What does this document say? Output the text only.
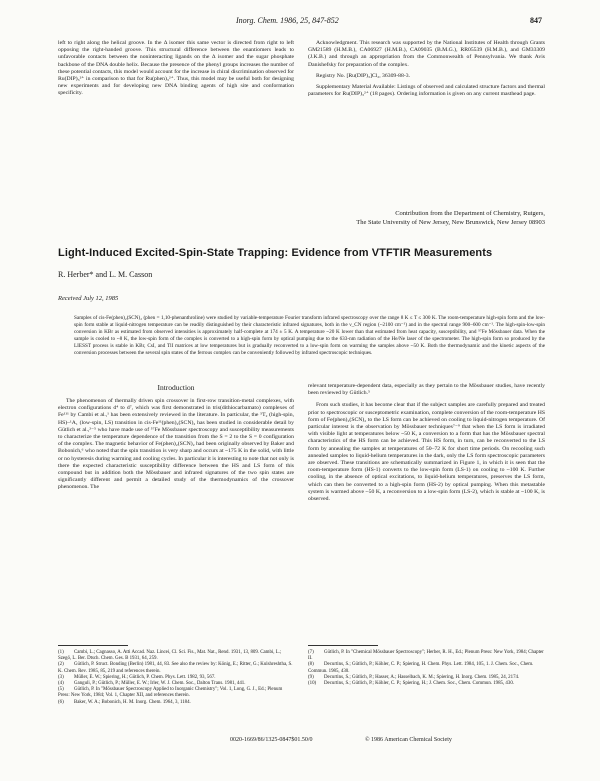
Inorg. Chem. 1986, 25, 847-852	847

left to right along the helical groove. In the Δ isomer this same vector is directed from right to left opposing the right-handed groove. This structural difference between the enantiomers leads to unfavorable contacts between the noninteracting ligands on the Δ isomer and the sugar phosphate backbone of the DNA double helix. Because the presence of the phenyl groups increases the number of these potential contacts, this model would account for the increase in chiral discrimination observed for Ru(DIP)₃²⁺ in comparison to that for Ru(phen)₃²⁺. Thus, this model may be useful both for designing new experiments and for developing new DNA binding agents of high site and conformation specificity.

Acknowledgment. This research was supported by the National Institutes of Health through Grants GM21589 (H.M.B.), CA06927 (H.M.B.), CA09035 (B.M.G.), RR05539 (H.M.B.), and GM33309 (J.K.B.) and through an appropriation from the Commonwealth of Pennsylvania. We thank Avis Danishefsky for preparation of the complex.

Registry No. [Ru(DIP)₃]Cl₂, 36309-88-3.

Supplementary Material Available: Listings of observed and calculated structure factors and thermal parameters for Ru(DIP)₃²⁺ (18 pages). Ordering information is given on any current masthead page.

Contribution from the Department of Chemistry, Rutgers,
The State University of New Jersey, New Brunswick, New Jersey 08903
Light-Induced Excited-Spin-State Trapping: Evidence from VTFTIR Measurements
R. Herber* and L. M. Casson
Received July 12, 1985

Samples of cis-Fe(phen)₂(SCN)₂ (phen = 1,10-phenanthroline) were studied by variable-temperature Fourier transform infrared spectroscopy over the range 8 K ≤ T ≤ 300 K. The room-temperature high-spin form and the low-spin form stable at liquid-nitrogen temperature can be readily distinguished by their characteristic infrared signatures, both in the ν_CN region (~2100 cm⁻¹) and in the spectral range 900–600 cm⁻¹. The high-spin-low-spin conversion in KBr as estimated from observed intensities is approximately half-complete at 174 ± 5 K. A temperature ~20 K lower than that estimated from heat capacity, susceptibility, and ⁵⁷Fe Mössbauer data. When the sample is cooled to ~8 K, the low-spin form of the complex is converted to a high-spin form by optical pumping due to the 633-nm radiation of the He/Ne laser of the spectrometer. The high-spin form so produced by the LIESST process is stable in KBr, CsI, and TlI matrices at low temperatures but is gradually reconverted to a low-spin form on warming the samples above ~50 K. Both the thermodynamic and the kinetic aspects of the conversion processes between the several spin states of the ferrous complex can be conveniently followed by infrared spectroscopic techniques.

Introduction

The phenomenon of thermally driven spin crossover in first-row transition-metal complexes, with electron configurations d⁴ to d⁷, which was first demonstrated in tris(dithiocarbamato) complexes of Fe¹¹¹ by Cambi et al.,¹ has been extensively reviewed in the literature. In particular, the ⁵T₂ (high-spin, HS)–¹A₁ (low-spin, LS) transition in cis-Fe¹¹(phen)₂(SCN)₂ has been studied in considerable detail by Gütlich et al.,²⁻⁵ who have made use of ⁵⁷Fe Mössbauer spectroscopy and susceptibility measurements to characterize the temperature dependence of the transition from the S = 2 to the S = 0 configuration of the complex. The magnetic behavior of Fe(phen)₂(SCN)₂ had been originally observed by Baker and Bobonich,⁶ who noted that the spin transition is very sharp and occurs at ~175 K in the solid, with little or no hysteresis during warming and cooling cycles. In particular it is interesting to note that not only is there the expected characteristic susceptibility difference between the HS and LS form of this compound but in addition both the Mössbauer and infrared signatures of the two spin states are significantly different and permit a detailed study of the thermodynamics of the crossover phenomenon. The

relevant temperature-dependent data, especially as they pertain to the Mössbauer studies, have recently been reviewed by Gütlich.⁵

From such studies, it has become clear that if the subject samples are carefully prepared and treated prior to spectroscopic or susceptometric examination, complete conversion of the room-temperature HS form of Fe(phen)₂(SCN)₂ to the LS form can be achieved on cooling to liquid-nitrogen temperature. Of particular interest is the observation by Mössbauer techniques⁷⁻⁹ that when the LS form is irradiated with visible light at temperatures below ~50 K, a conversion to a form that has the Mössbauer spectral characteristics of the HS form can be achieved. This HS form, in turn, can be reconverted to the LS form by annealing the samples at temperatures of 50–72 K for short time periods. On recooling such annealed samples to liquid-helium temperatures in the dark, only the LS form spectroscopic parameters are observed. These transitions are schematically summarized in Figure 1, in which it is seen that the room-temperature form (HS-1) converts to the low-spin form (LS-1) on cooling to ~100 K. Further cooling, in the absence of optical excitations, to liquid-helium temperatures, preserves the LS form, which can then be converted to a high-spin form (HS-2) by optical pumping. When this metastable system is warmed above ~50 K, a reconversion to a low-spin form (LS-2), which is stable at ~100 K, is observed.

(1) Cambi, L.; Cagnasso, A. Atti Accad. Naz. Lincei, Cl. Sci. Fis., Mat. Nat., Rend. 1931, 13, 809. Cambi, L.; Szegö, L. Ber. Dtsch. Chem. Ges. B 1931, 64, 259.

(2) Gütlich, P. Struct. Bonding (Berlin) 1981, 44, 83. See also the review by: König, E.; Ritter, G.; Kulshreshtha, S. K. Chem. Rev. 1985, 85, 219 and references therein.

(3) Müller, E. W.; Spiering, H.; Gütlich, P. Chem. Phys. Lett. 1982, 93, 567.

(4) Ganguli, P.; Gütlich, P.; Müller, E. W.; Irler, W. J. Chem. Soc., Dalton Trans. 1981, 441.

(5) Gütlich, P. In "Mössbauer Spectroscopy Applied to Inorganic Chemistry"; Vol. 1, Long, G. J., Ed.; Plenum Press: New York, 1984; Vol. 1, Chapter XII, and references therein.

(6) Baker, W. A.; Bobonich, H. M. Inorg. Chem. 1964, 3, 1184.

(7) Gütlich, P. In "Chemical Mössbauer Spectroscopy"; Herber, R. H., Ed.; Plenum Press: New York, 1984; Chapter II.

(8) Decurtins, S.; Gütlich, P.; Köhler, C. P.; Spiering, H. Chem. Phys. Lett. 1984, 105, 1. J. Chem. Soc., Chem. Commun. 1985, 430.

(9) Decurtins, S.; Gütlich, P.; Hasser, A.; Hasselbach, K. M.; Spiering, H. Inorg. Chem. 1985, 24, 2174.

(10) Decurtins, S.; Gütlich, P.; Köhler, C. P.; Spiering, H.; J. Chem. Soc., Chem. Commun. 1985, 430.

0020-1669/86/1325-0847$01.50/0	© 1986 American Chemical Society
